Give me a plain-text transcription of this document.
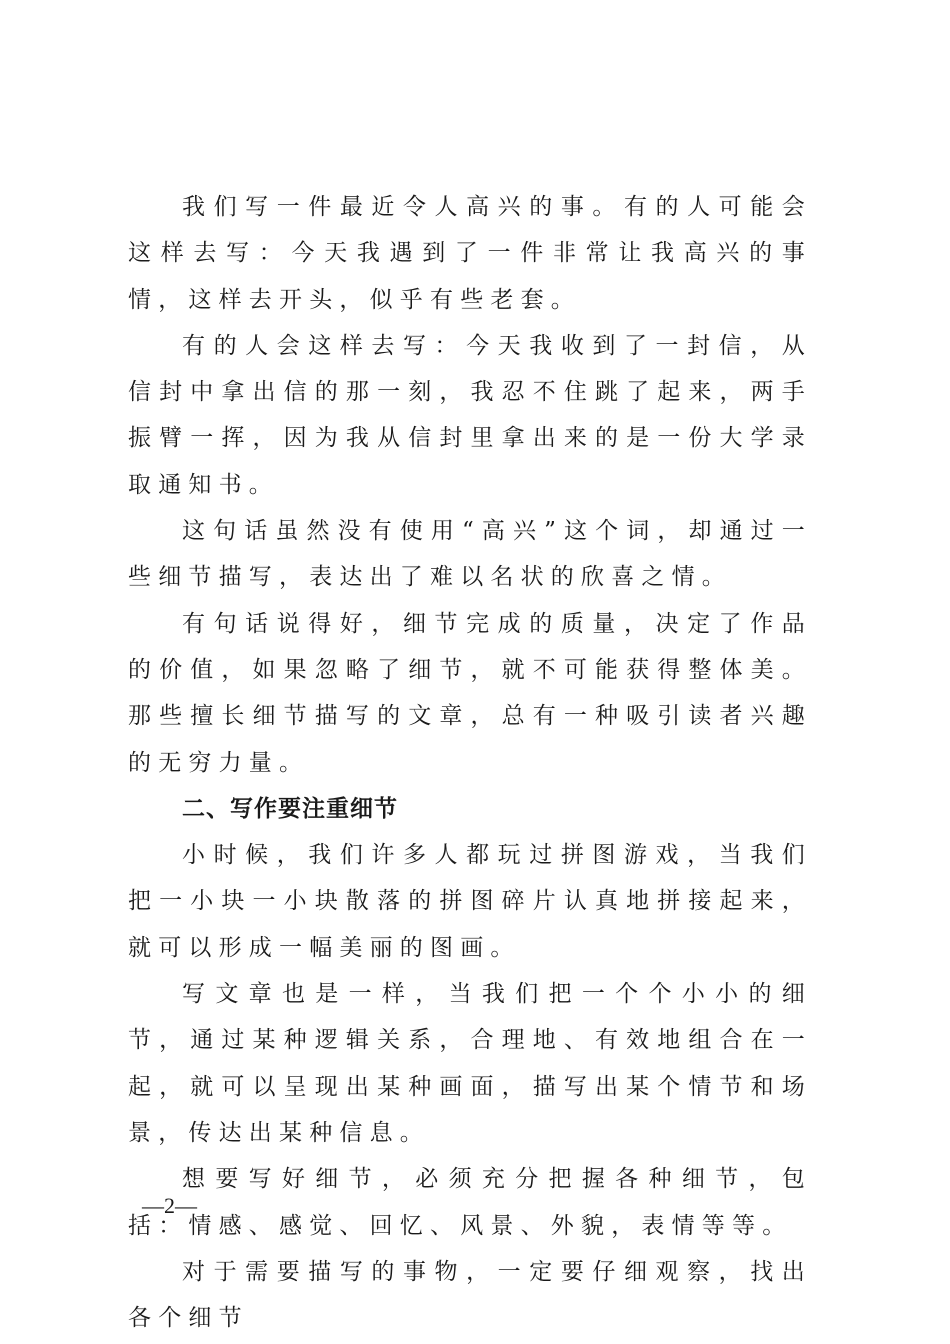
我们写一件最近令人高兴的事。有的人可能会这样去写：今天我遇到了一件非常让我高兴的事情，这样去开头，似乎有些老套。

有的人会这样去写：今天我收到了一封信，从信封中拿出信的那一刻，我忍不住跳了起来，两手振臂一挥，因为我从信封里拿出来的是一份大学录取通知书。

这句话虽然没有使用“高兴”这个词，却通过一些细节描写，表达出了难以名状的欣喜之情。

有句话说得好，细节完成的质量，决定了作品的价值，如果忽略了细节，就不可能获得整体美。那些擅长细节描写的文章，总有一种吸引读者兴趣的无穷力量。

二、写作要注重细节

小时候，我们许多人都玩过拼图游戏，当我们把一小块一小块散落的拼图碎片认真地拼接起来，就可以形成一幅美丽的图画。

写文章也是一样，当我们把一个个小小的细节，通过某种逻辑关系，合理地、有效地组合在一起，就可以呈现出某种画面，描写出某个情节和场景，传达出某种信息。

想要写好细节，必须充分把握各种细节，包括：情感、感觉、回忆、风景、外貌，表情等等。

对于需要描写的事物，一定要仔细观察，找出各个细节

—2—
